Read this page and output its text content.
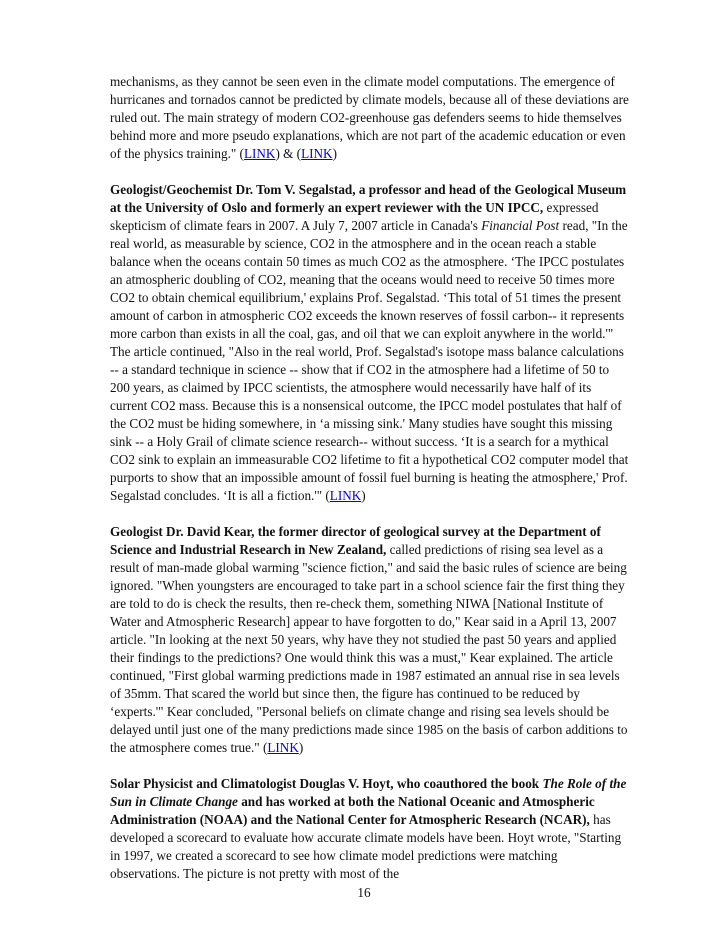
mechanisms, as they cannot be seen even in the climate model computations. The emergence of hurricanes and tornados cannot be predicted by climate models, because all of these deviations are ruled out. The main strategy of modern CO2-greenhouse gas defenders seems to hide themselves behind more and more pseudo explanations, which are not part of the academic education or even of the physics training." (LINK) & (LINK)

Geologist/Geochemist Dr. Tom V. Segalstad, a professor and head of the Geological Museum at the University of Oslo and formerly an expert reviewer with the UN IPCC, expressed skepticism of climate fears in 2007. A July 7, 2007 article in Canada's Financial Post read, "In the real world, as measurable by science, CO2 in the atmosphere and in the ocean reach a stable balance when the oceans contain 50 times as much CO2 as the atmosphere. ‘The IPCC postulates an atmospheric doubling of CO2, meaning that the oceans would need to receive 50 times more CO2 to obtain chemical equilibrium,' explains Prof. Segalstad. ‘This total of 51 times the present amount of carbon in atmospheric CO2 exceeds the known reserves of fossil carbon-- it represents more carbon than exists in all the coal, gas, and oil that we can exploit anywhere in the world.'" The article continued, "Also in the real world, Prof. Segalstad's isotope mass balance calculations -- a standard technique in science -- show that if CO2 in the atmosphere had a lifetime of 50 to 200 years, as claimed by IPCC scientists, the atmosphere would necessarily have half of its current CO2 mass. Because this is a nonsensical outcome, the IPCC model postulates that half of the CO2 must be hiding somewhere, in ‘a missing sink.' Many studies have sought this missing sink -- a Holy Grail of climate science research-- without success. ‘It is a search for a mythical CO2 sink to explain an immeasurable CO2 lifetime to fit a hypothetical CO2 computer model that purports to show that an impossible amount of fossil fuel burning is heating the atmosphere,' Prof. Segalstad concludes. ‘It is all a fiction.'" (LINK)

Geologist Dr. David Kear, the former director of geological survey at the Department of Science and Industrial Research in New Zealand, called predictions of rising sea level as a result of man-made global warming "science fiction," and said the basic rules of science are being ignored. "When youngsters are encouraged to take part in a school science fair the first thing they are told to do is check the results, then re-check them, something NIWA [National Institute of Water and Atmospheric Research] appear to have forgotten to do," Kear said in a April 13, 2007 article. "In looking at the next 50 years, why have they not studied the past 50 years and applied their findings to the predictions? One would think this was a must," Kear explained. The article continued, "First global warming predictions made in 1987 estimated an annual rise in sea levels of 35mm. That scared the world but since then, the figure has continued to be reduced by ‘experts.'" Kear concluded, "Personal beliefs on climate change and rising sea levels should be delayed until just one of the many predictions made since 1985 on the basis of carbon additions to the atmosphere comes true." (LINK)

Solar Physicist and Climatologist Douglas V. Hoyt, who coauthored the book The Role of the Sun in Climate Change and has worked at both the National Oceanic and Atmospheric Administration (NOAA) and the National Center for Atmospheric Research (NCAR), has developed a scorecard to evaluate how accurate climate models have been. Hoyt wrote, "Starting in 1997, we created a scorecard to see how climate model predictions were matching observations. The picture is not pretty with most of the

16
